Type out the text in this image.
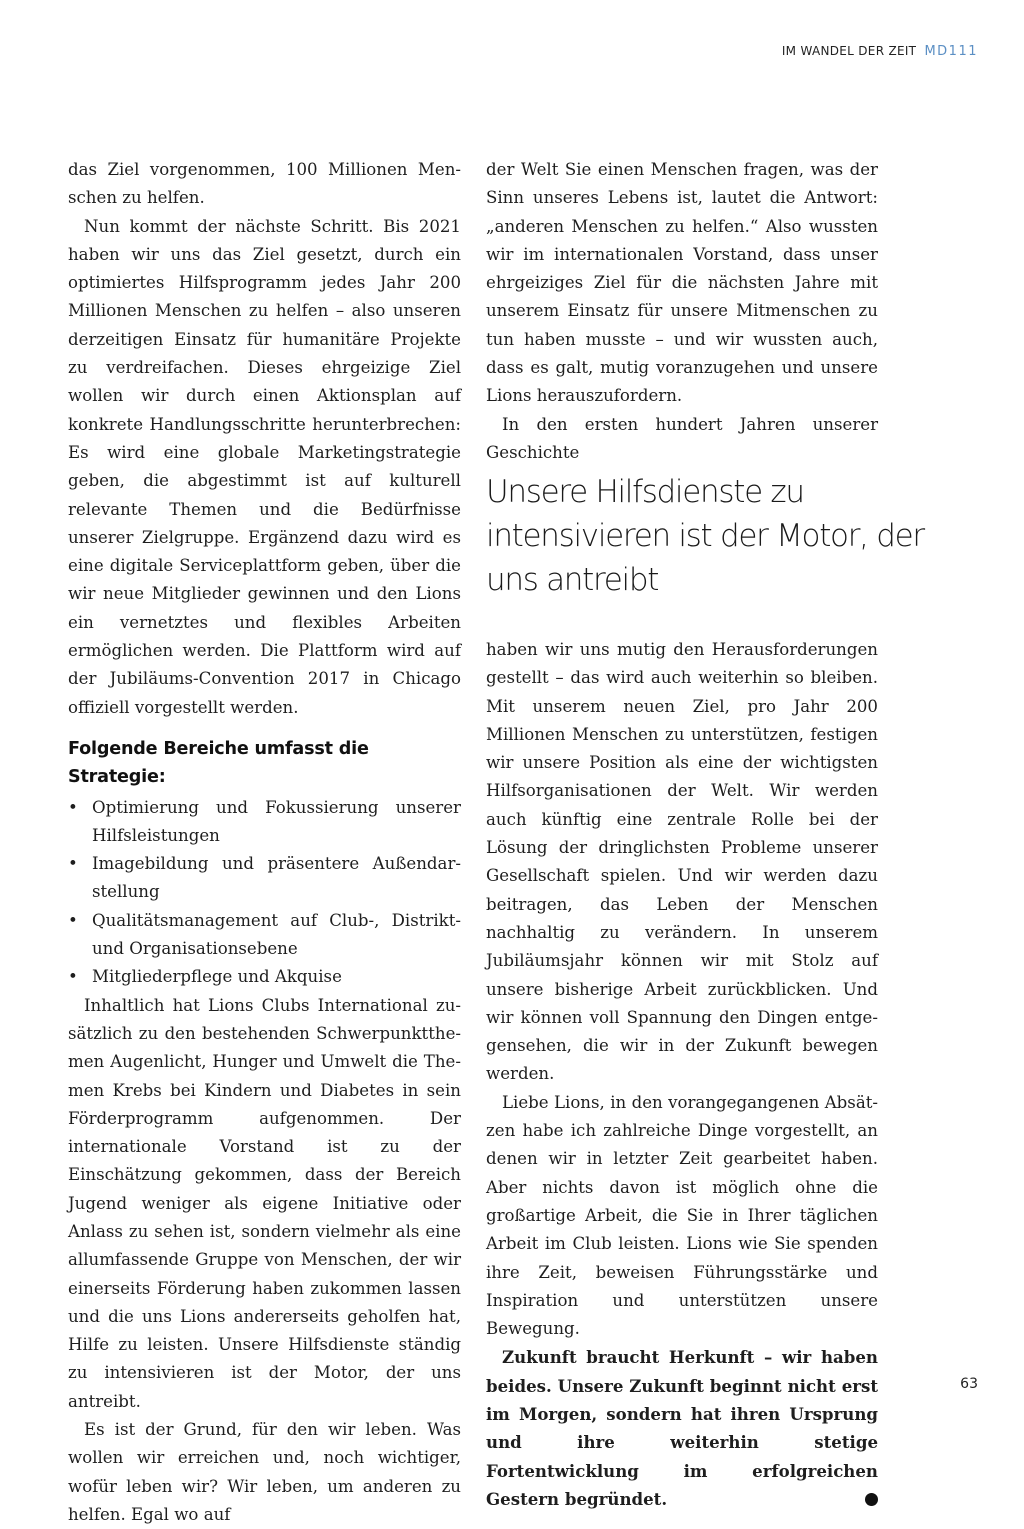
IM WANDEL DER ZEIT MD111

das Ziel vorgenommen, 100 Millionen Menschen zu helfen.

Nun kommt der nächste Schritt. Bis 2021 haben wir uns das Ziel gesetzt, durch ein optimiertes Hilfsprogramm jedes Jahr 200 Millionen Menschen zu helfen – also unseren derzeitigen Einsatz für humanitäre Projekte zu verdreifachen. Dieses ehrgeizige Ziel wollen wir durch einen Aktionsplan auf konkrete Handlungsschritte herunterbrechen: Es wird eine globale Marketingstrategie geben, die abgestimmt ist auf kulturell relevante Themen und die Bedürfnisse unserer Zielgruppe. Ergänzend dazu wird es eine digitale Serviceplattform geben, über die wir neue Mitglieder gewinnen und den Lions ein vernetztes und flexibles Arbeiten ermöglichen werden. Die Plattform wird auf der Jubiläums-Convention 2017 in Chicago offiziell vorgestellt werden.

Folgende Bereiche umfasst die Strategie:
• Optimierung und Fokussierung unserer Hilfsleistungen
• Imagebildung und präsentere Außendarstellung
• Qualitätsmanagement auf Club-, Distrikt- und Organisationsebene
• Mitgliederpflege und Akquise

Inhaltlich hat Lions Clubs International zusätzlich zu den bestehenden Schwerpunktthemen Augenlicht, Hunger und Umwelt die Themen Krebs bei Kindern und Diabetes in sein Förderprogramm aufgenommen. Der internationale Vorstand ist zu der Einschätzung gekommen, dass der Bereich Jugend weniger als eigene Initiative oder Anlass zu sehen ist, sondern vielmehr als eine allumfassende Gruppe von Menschen, der wir einerseits Förderung haben zukommen lassen und die uns Lions andererseits geholfen hat, Hilfe zu leisten. Unsere Hilfsdienste ständig zu intensivieren ist der Motor, der uns antreibt.

Es ist der Grund, für den wir leben. Was wollen wir erreichen und, noch wichtiger, wofür leben wir? Wir leben, um anderen zu helfen. Egal wo auf

der Welt Sie einen Menschen fragen, was der Sinn unseres Lebens ist, lautet die Antwort: „anderen Menschen zu helfen.“ Also wussten wir im internationalen Vorstand, dass unser ehrgeiziges Ziel für die nächsten Jahre mit unserem Einsatz für unsere Mitmenschen zu tun haben musste – und wir wussten auch, dass es galt, mutig voranzugehen und unsere Lions herauszufordern.

In den ersten hundert Jahren unserer Geschichte

Unsere Hilfsdienste zu intensivieren ist der Motor, der uns antreibt

haben wir uns mutig den Herausforderungen gestellt – das wird auch weiterhin so bleiben. Mit unserem neuen Ziel, pro Jahr 200 Millionen Menschen zu unterstützen, festigen wir unsere Position als eine der wichtigsten Hilfsorganisationen der Welt. Wir werden auch künftig eine zentrale Rolle bei der Lösung der dringlichsten Probleme unserer Gesellschaft spielen. Und wir werden dazu beitragen, das Leben der Menschen nachhaltig zu verändern. In unserem Jubiläumsjahr können wir mit Stolz auf unsere bisherige Arbeit zurückblicken. Und wir können voll Spannung den Dingen entgegensehen, die wir in der Zukunft bewegen werden.

Liebe Lions, in den vorangegangenen Absätzen habe ich zahlreiche Dinge vorgestellt, an denen wir in letzter Zeit gearbeitet haben. Aber nichts davon ist möglich ohne die großartige Arbeit, die Sie in Ihrer täglichen Arbeit im Club leisten. Lions wie Sie spenden ihre Zeit, beweisen Führungsstärke und Inspiration und unterstützen unsere Bewegung.

Zukunft braucht Herkunft – wir haben beides. Unsere Zukunft beginnt nicht erst im Morgen, sondern hat ihren Ursprung und ihre weiterhin stetige Fortentwicklung im erfolgreichen Gestern begründet.	L

63
